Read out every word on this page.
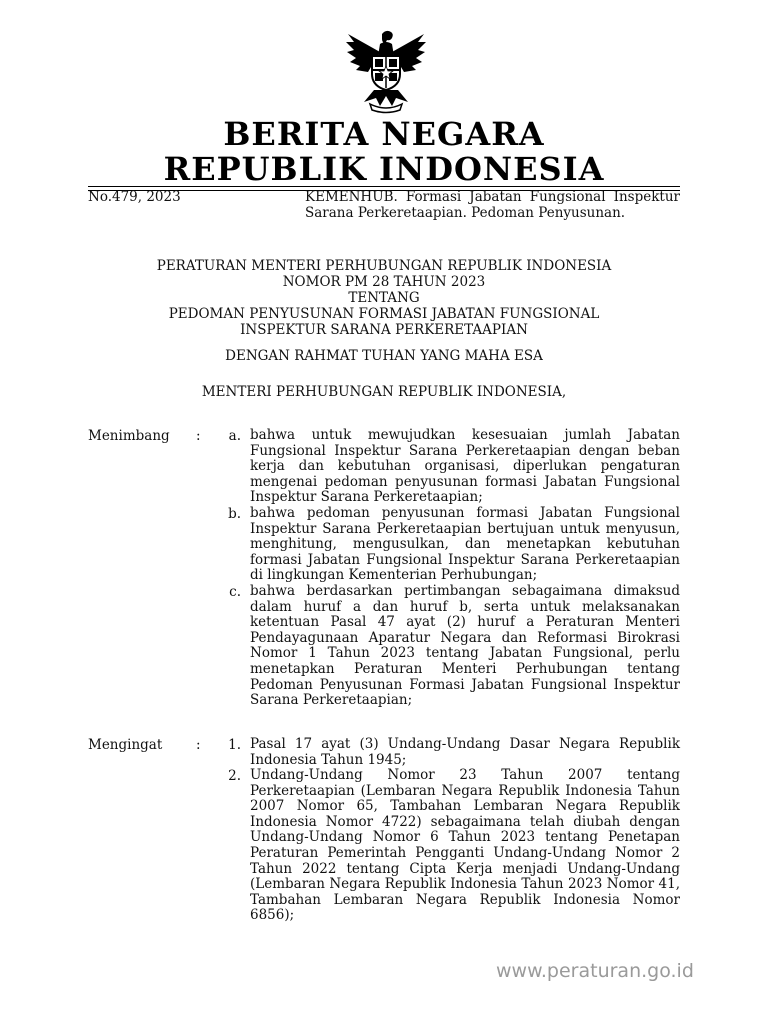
BERITA NEGARA
REPUBLIK INDONESIA
No.479, 2023	KEMENHUB. Formasi Jabatan Fungsional Inspektur Sarana Perkeretaapian. Pedoman Penyusunan.
PERATURAN MENTERI PERHUBUNGAN REPUBLIK INDONESIA
NOMOR PM 28 TAHUN 2023
TENTANG
PEDOMAN PENYUSUNAN FORMASI JABATAN FUNGSIONAL
INSPEKTUR SARANA PERKERETAAPIAN
DENGAN RAHMAT TUHAN YANG MAHA ESA
MENTERI PERHUBUNGAN REPUBLIK INDONESIA,
Menimbang :	a. bahwa untuk mewujudkan kesesuaian jumlah Jabatan Fungsional Inspektur Sarana Perkeretaapian dengan beban kerja dan kebutuhan organisasi, diperlukan pengaturan mengenai pedoman penyusunan formasi Jabatan Fungsional Inspektur Sarana Perkeretaapian;
b. bahwa pedoman penyusunan formasi Jabatan Fungsional Inspektur Sarana Perkeretaapian bertujuan untuk menyusun, menghitung, mengusulkan, dan menetapkan kebutuhan formasi Jabatan Fungsional Inspektur Sarana Perkeretaapian di lingkungan Kementerian Perhubungan;
c. bahwa berdasarkan pertimbangan sebagaimana dimaksud dalam huruf a dan huruf b, serta untuk melaksanakan ketentuan Pasal 47 ayat (2) huruf a Peraturan Menteri Pendayagunaan Aparatur Negara dan Reformasi Birokrasi Nomor 1 Tahun 2023 tentang Jabatan Fungsional, perlu menetapkan Peraturan Menteri Perhubungan tentang Pedoman Penyusunan Formasi Jabatan Fungsional Inspektur Sarana Perkeretaapian;
Mengingat :	1. Pasal 17 ayat (3) Undang-Undang Dasar Negara Republik Indonesia Tahun 1945;
2. Undang-Undang Nomor 23 Tahun 2007 tentang Perkeretaapian (Lembaran Negara Republik Indonesia Tahun 2007 Nomor 65, Tambahan Lembaran Negara Republik Indonesia Nomor 4722) sebagaimana telah diubah dengan Undang-Undang Nomor 6 Tahun 2023 tentang Penetapan Peraturan Pemerintah Pengganti Undang-Undang Nomor 2 Tahun 2022 tentang Cipta Kerja menjadi Undang-Undang (Lembaran Negara Republik Indonesia Tahun 2023 Nomor 41, Tambahan Lembaran Negara Republik Indonesia Nomor 6856);
www.peraturan.go.id
